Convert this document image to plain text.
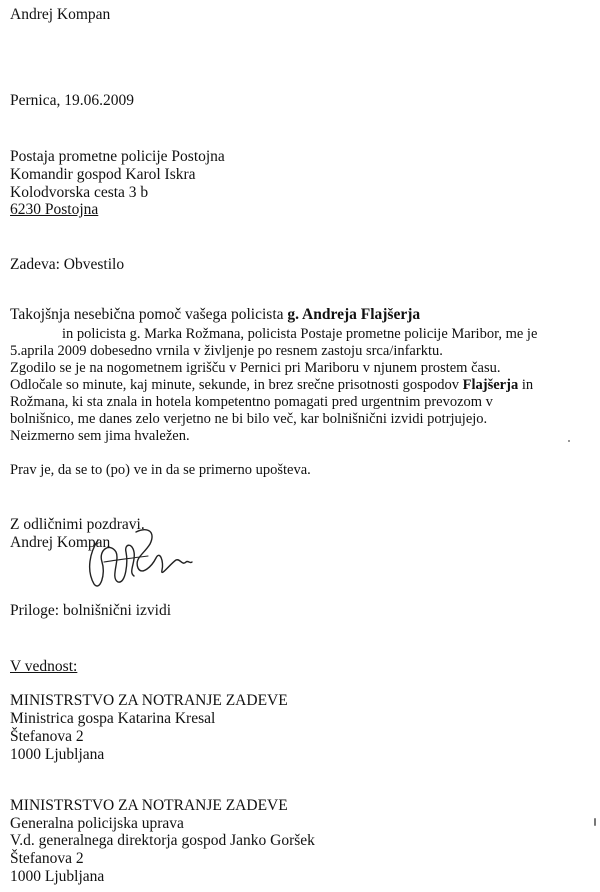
Andrej Kompan
Pernica, 19.06.2009
Postaja prometne policije Postojna
Komandir gospod Karol Iskra
Kolodvorska cesta 3 b
6230 Postojna
Zadeva: Obvestilo
Takojšnja nesebična pomoč vašega policista g. Andreja Flajšerja
in policista g. Marka Rožmana, policista Postaje prometne policije Maribor, me je
5.aprila 2009 dobesedno vrnila v življenje po resnem zastoju srca/infarktu.
Zgodilo se je na nogometnem igrišču v Pernici pri Mariboru v njunem prostem času.
Odločale so minute, kaj minute, sekunde, in brez srečne prisotnosti gospodov Flajšerja in
Rožmana, ki sta znala in hotela kompetentno pomagati pred urgentnim prevozom v
bolnišnico, me danes zelo verjetno ne bi bilo več, kar bolnišnični izvidi potrjujejo.
Neizmerno sem jima hvaležen.
Prav je, da se to (po) ve in da se primerno upošteva.
Z odličnimi pozdravi.
Andrej Kompan
Priloge: bolnišnični izvidi
V vednost:
MINISTRSTVO ZA NOTRANJE ZADEVE
Ministrica gospa Katarina Kresal
Štefanova 2
1000 Ljubljana
MINISTRSTVO ZA NOTRANJE ZADEVE
Generalna policijska uprava
V.d. generalnega direktorja gospod Janko Goršek
Štefanova 2
1000 Ljubljana
